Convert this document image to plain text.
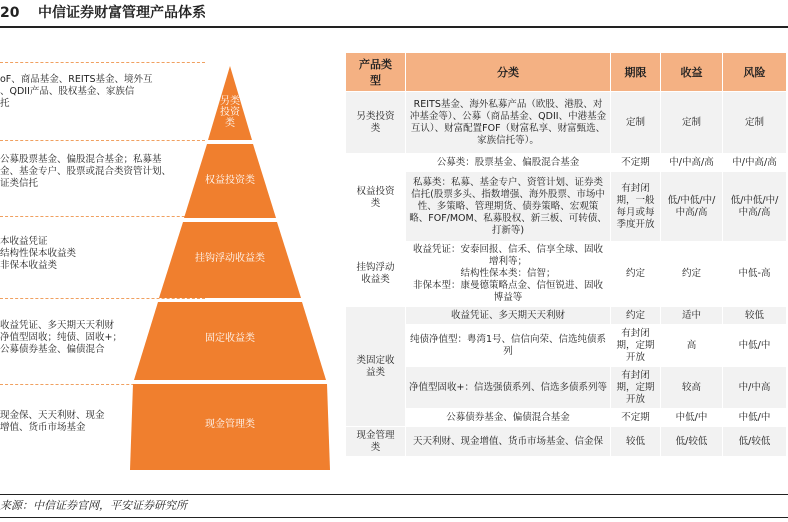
20 中信证券财富管理产品体系
oF、商品基金、REITS基金、境外互
、QDII产品、股权基金、家族信
托
公募股票基金、偏股混合基金；私募基
金、基金专户、股票或混合类资管计划、
证类信托
本收益凭证
结构性保本收益类
非保本收益类
收益凭证、多天期天天利财
净值型固收；纯债、固收+；
公募债券基金、偏债混合
现金保、天天利财、现金
增值、货币市场基金
另类
投资
类
权益投资类
挂钩浮动收益类
固定收益类
现金管理类
产品类
型	分类	期限	收益	风险
另类投资
类	REITS基金、海外私募产品（欧股、港股、对冲基金等）、公募（商品基金、QDII、中港基金互认）、财富配置FOF（财富私享、财富甄选、家族信托等）。	定制	定制	定制
权益投资
类	公募类：股票基金、偏股混合基金	不定期	中/中高/高	中/中高/高
	私募类：私募、基金专户、资管计划、证券类信托(股票多头、指数增强、海外股票、市场中性、多策略、管理期货、债券策略、宏观策略、FOF/MOM、私募股权、新三板、可转债、打新等)	有封闭期，一般每月或每季度开放	低/中低/中/中高/高	低/中低/中/中高/高
挂钩浮动
收益类	收益凭证：安泰回报、信禾、信享全球、固收增利等；
结构性保本类：信智；
非保本型：康曼德策略点金、信恒锐进、固收博益等	约定	约定	中低-高
类固定收
益类	收益凭证、多天期天天利财	约定	适中	较低
	纯债净值型：粤湾1号、信信向荣、信选纯债系列	有封闭期，定期开放	高	中低/中
	净值型固收+：信选强债系列、信选多债系列等	有封闭期，定期开放	较高	中/中高
	公募债券基金、偏债混合基金	不定期	中低/中	中低/中
现金管理
类	天天利财、现金增值、货币市场基金、信金保	较低	低/较低	低/较低
来源：中信证券官网，平安证券研究所
